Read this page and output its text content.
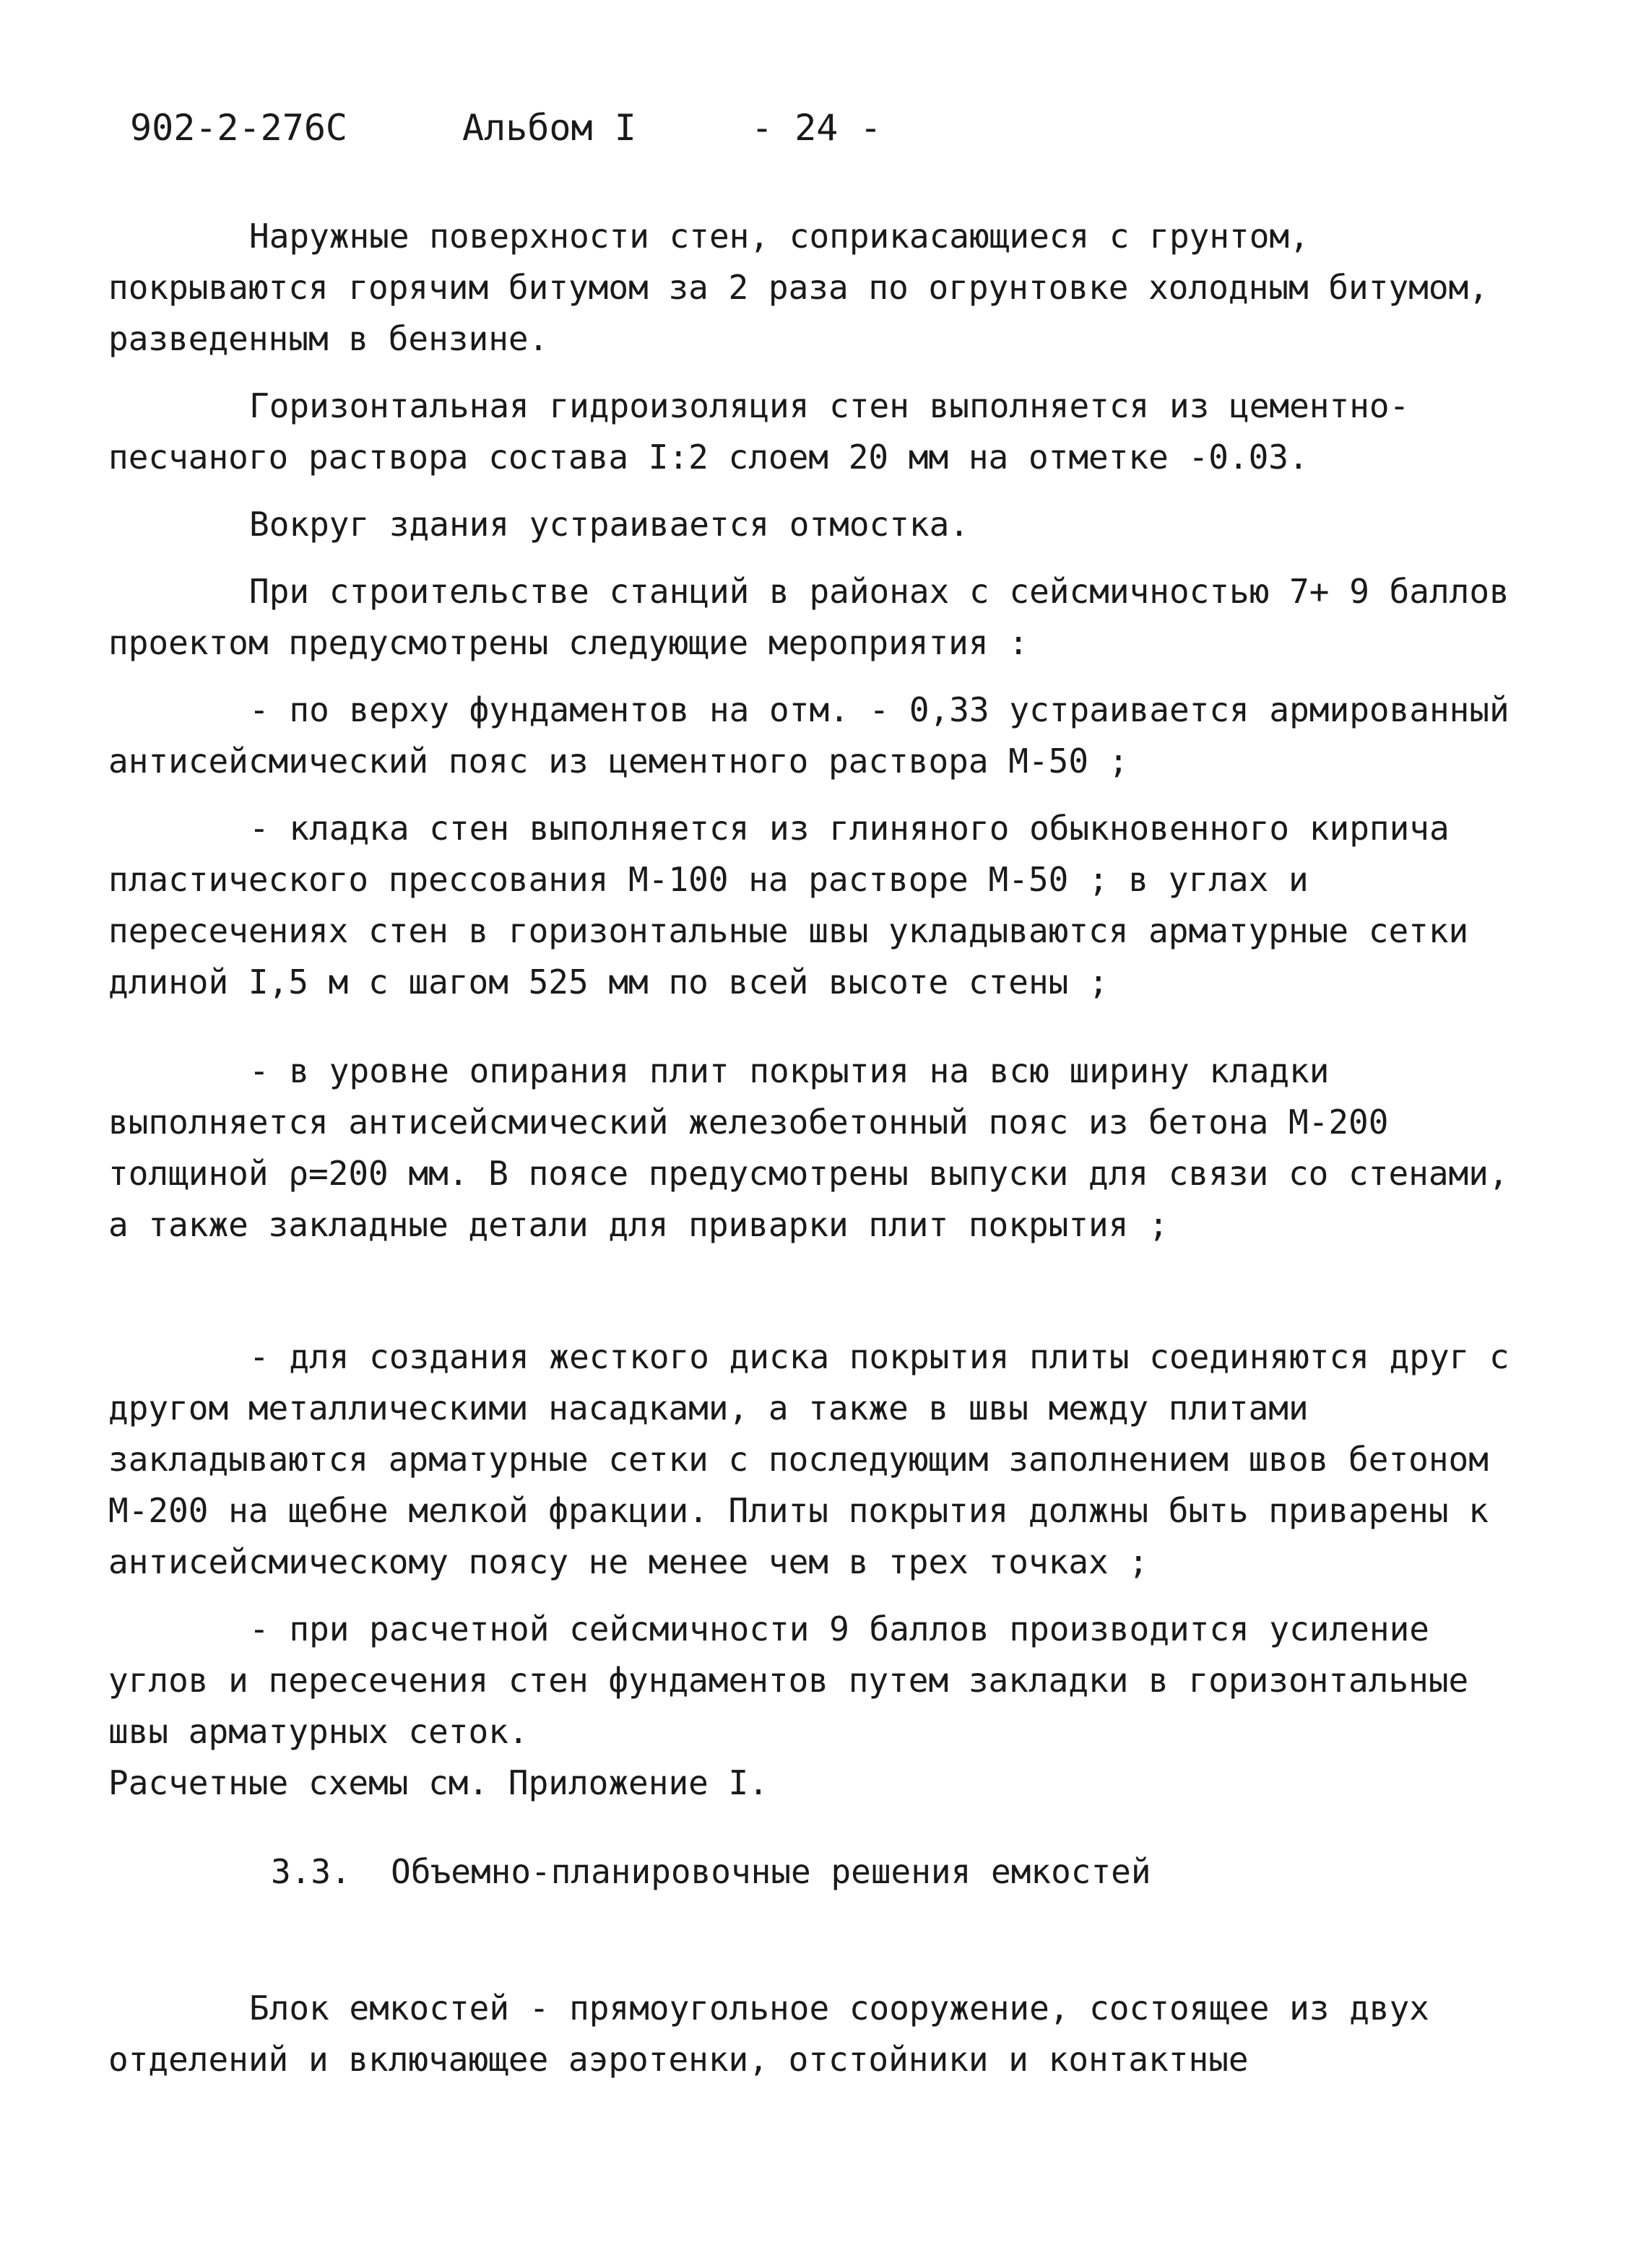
902-2-276С	Альбом I	- 24 -

Наружные поверхности стен, соприкасающиеся с грунтом, покрываются горячим битумом за 2 раза по огрунтовке холодным битумом, разведенным в бензине.

Горизонтальная гидроизоляция стен выполняется из цементно-песчаного раствора состава I:2 слоем 20 мм на отметке -0.03.

Вокруг здания устраивается отмостка.

При строительстве станций в районах с сейсмичностью 7+ 9 баллов проектом предусмотрены следующие мероприятия :

- по верху фундаментов на отм. - 0,33 устраивается армированный антисейсмический пояс из цементного раствора М-50 ;

- кладка стен выполняется из глиняного обыкновенного кирпича пластического прессования М-100 на растворе М-50 ; в углах и пересечениях стен в горизонтальные швы укладываются арматурные сетки длиной I,5 м с шагом 525 мм по всей высоте стены ;

- в уровне опирания плит покрытия на всю ширину кладки выполняется антисейсмический железобетонный пояс из бетона М-200 толщиной ρ=200 мм. В поясе предусмотрены выпуски для связи со стенами, а также закладные детали для приварки плит покрытия ;

- для создания жесткого диска покрытия плиты соединяются друг с другом металлическими насадками, а также в швы между плитами закладываются арматурные сетки с последующим заполнением швов бетоном М-200 на щебне мелкой фракции. Плиты покрытия должны быть приварены к антисейсмическому поясу не менее чем в трех точках ;

- при расчетной сейсмичности 9 баллов производится усиление углов и пересечения стен фундаментов путем закладки в горизонтальные швы арматурных сеток.

Расчетные схемы см. Приложение I.

3.3. Объемно-планировочные решения емкостей

Блок емкостей - прямоугольное сооружение, состоящее из двух отделений и включающее аэротенки, отстойники и контактные
